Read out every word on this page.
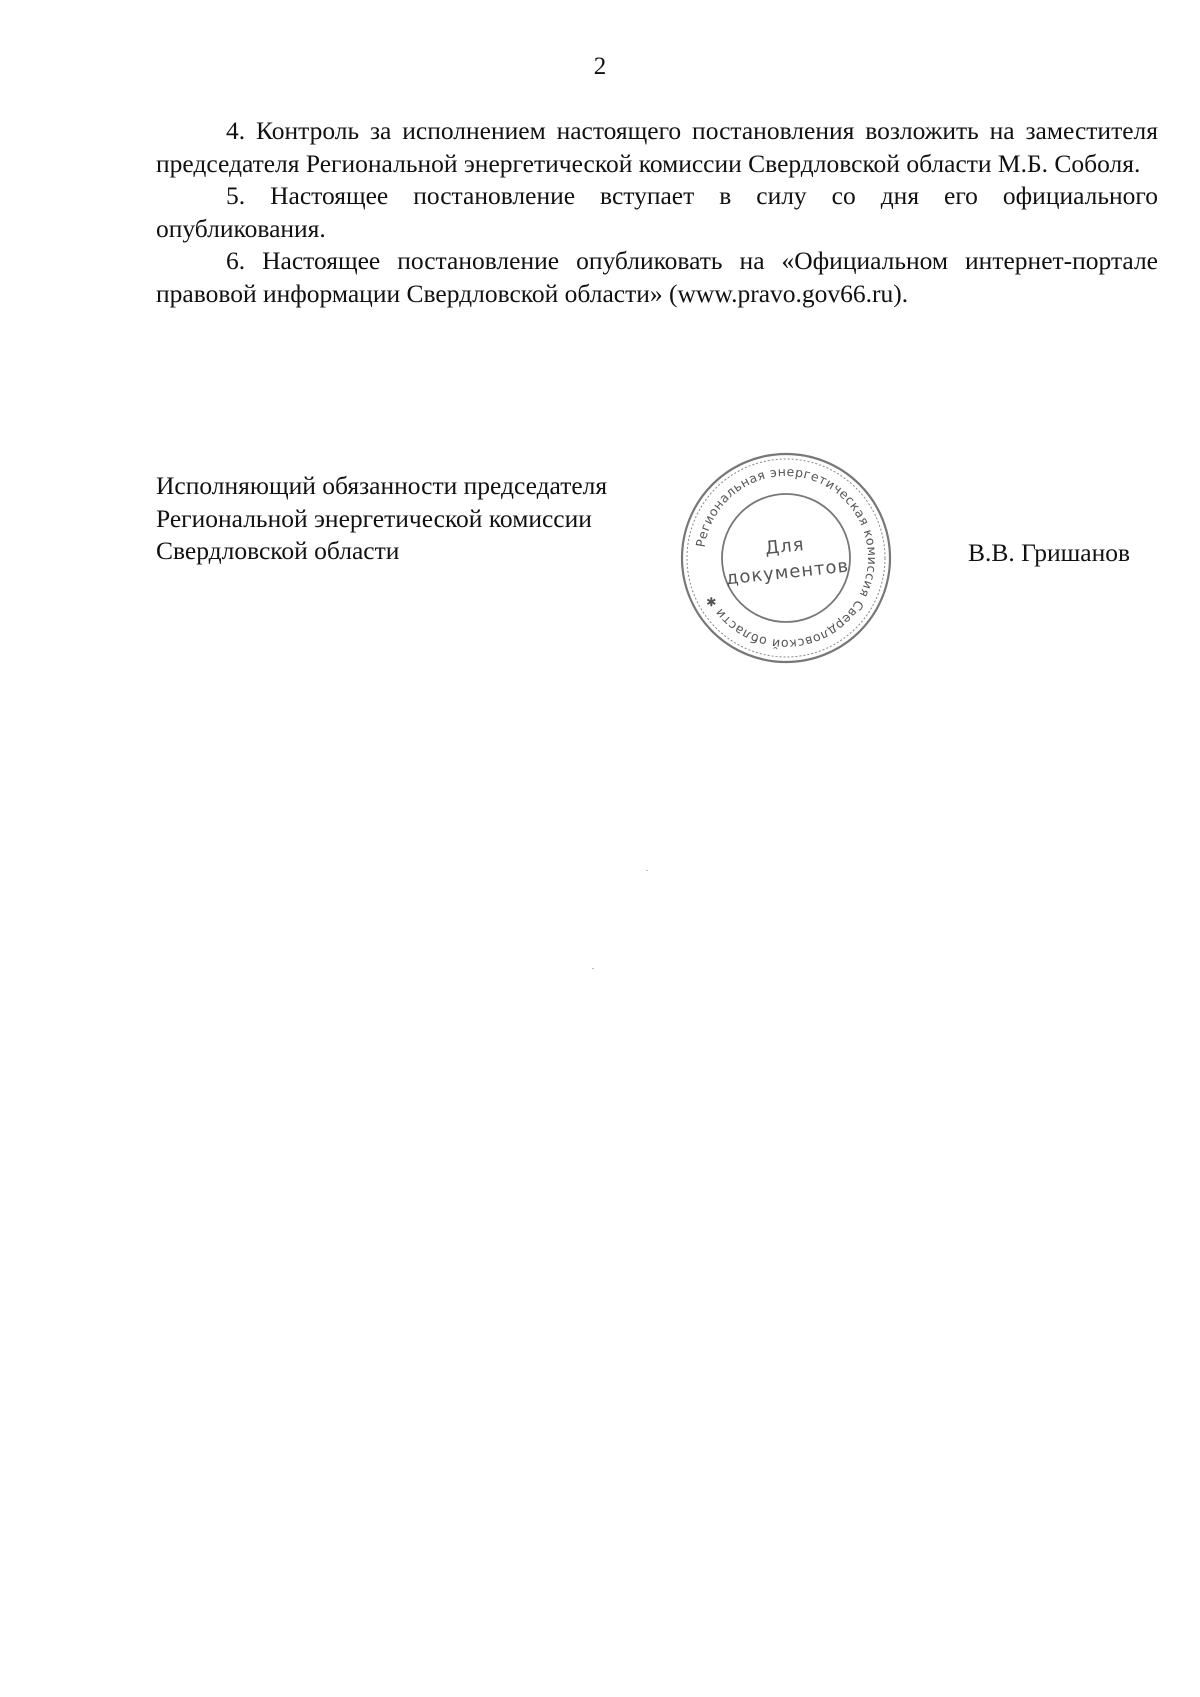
2

4. Контроль за исполнением настоящего постановления возложить на заместителя председателя Региональной энергетической комиссии Свердловской области М.Б. Соболя.

5. Настоящее постановление вступает в силу со дня его официального опубликования.

6. Настоящее постановление опубликовать на «Официальном интернет-портале правовой информации Свердловской области» (www.pravo.gov66.ru).

Исполняющий обязанности председателя
Региональной энергетической комиссии
Свердловской области	Региональная энергетическая комиссия Свердловской области ✱
Для
документов
В.В. Гришанов
